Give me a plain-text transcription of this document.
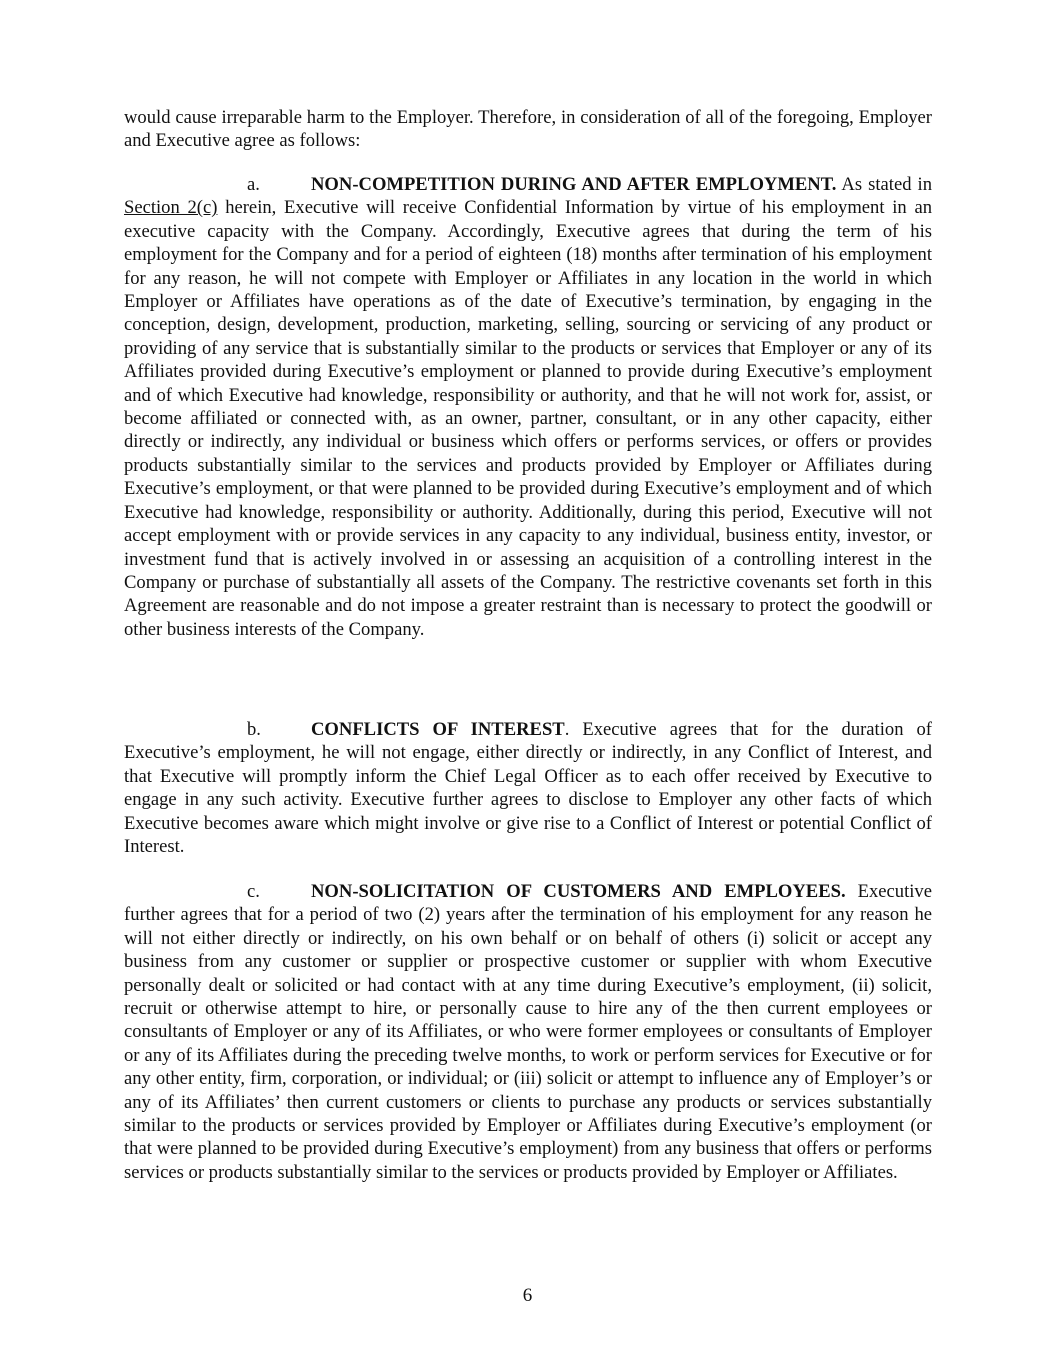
would cause irreparable harm to the Employer. Therefore, in consideration of all of the foregoing, Employer and Executive agree as follows:

a.	NON-COMPETITION DURING AND AFTER EMPLOYMENT. As stated in Section 2(c) herein, Executive will receive Confidential Information by virtue of his employment in an executive capacity with the Company. Accordingly, Executive agrees that during the term of his employment for the Company and for a period of eighteen (18) months after termination of his employment for any reason, he will not compete with Employer or Affiliates in any location in the world in which Employer or Affiliates have operations as of the date of Executive’s termination, by engaging in the conception, design, development, production, marketing, selling, sourcing or servicing of any product or providing of any service that is substantially similar to the products or services that Employer or any of its Affiliates provided during Executive’s employment or planned to provide during Executive’s employment and of which Executive had knowledge, responsibility or authority, and that he will not work for, assist, or become affiliated or connected with, as an owner, partner, consultant, or in any other capacity, either directly or indirectly, any individual or business which offers or performs services, or offers or provides products substantially similar to the services and products provided by Employer or Affiliates during Executive’s employment, or that were planned to be provided during Executive’s employment and of which Executive had knowledge, responsibility or authority. Additionally, during this period, Executive will not accept employment with or provide services in any capacity to any individual, business entity, investor, or investment fund that is actively involved in or assessing an acquisition of a controlling interest in the Company or purchase of substantially all assets of the Company. The restrictive covenants set forth in this Agreement are reasonable and do not impose a greater restraint than is necessary to protect the goodwill or other business interests of the Company.

b.	CONFLICTS OF INTEREST. Executive agrees that for the duration of Executive’s employment, he will not engage, either directly or indirectly, in any Conflict of Interest, and that Executive will promptly inform the Chief Legal Officer as to each offer received by Executive to engage in any such activity. Executive further agrees to disclose to Employer any other facts of which Executive becomes aware which might involve or give rise to a Conflict of Interest or potential Conflict of Interest.

c.	NON-SOLICITATION OF CUSTOMERS AND EMPLOYEES. Executive further agrees that for a period of two (2) years after the termination of his employment for any reason he will not either directly or indirectly, on his own behalf or on behalf of others (i) solicit or accept any business from any customer or supplier or prospective customer or supplier with whom Executive personally dealt or solicited or had contact with at any time during Executive’s employment, (ii) solicit, recruit or otherwise attempt to hire, or personally cause to hire any of the then current employees or consultants of Employer or any of its Affiliates, or who were former employees or consultants of Employer or any of its Affiliates during the preceding twelve months, to work or perform services for Executive or for any other entity, firm, corporation, or individual; or (iii) solicit or attempt to influence any of Employer’s or any of its Affiliates’ then current customers or clients to purchase any products or services substantially similar to the products or services provided by Employer or Affiliates during Executive’s employment (or that were planned to be provided during Executive’s employment) from any business that offers or performs services or products substantially similar to the services or products provided by Employer or Affiliates.

6
